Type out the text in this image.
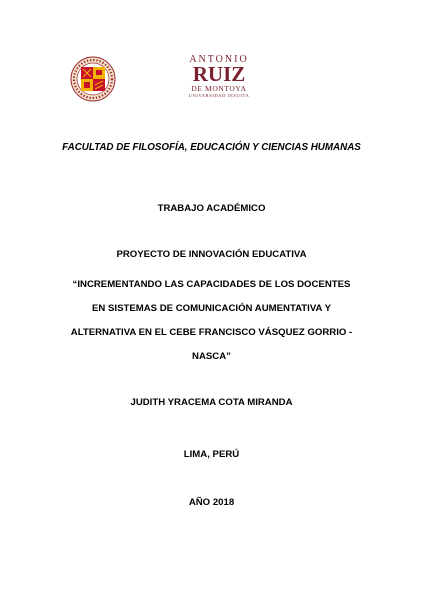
ANTONIO
RUIZ
DE MONTOYA
UNIVERSIDAD JESUITA
FACULTAD DE FILOSOFÍA, EDUCACIÓN Y CIENCIAS HUMANAS
TRABAJO ACADÉMICO
PROYECTO DE INNOVACIÓN EDUCATIVA
“INCREMENTANDO LAS CAPACIDADES DE LOS DOCENTES
EN SISTEMAS DE COMUNICACIÓN AUMENTATIVA Y
ALTERNATIVA EN EL CEBE FRANCISCO VÁSQUEZ GORRIO -
NASCA”
JUDITH YRACEMA COTA MIRANDA
LIMA, PERÚ
AÑO 2018
